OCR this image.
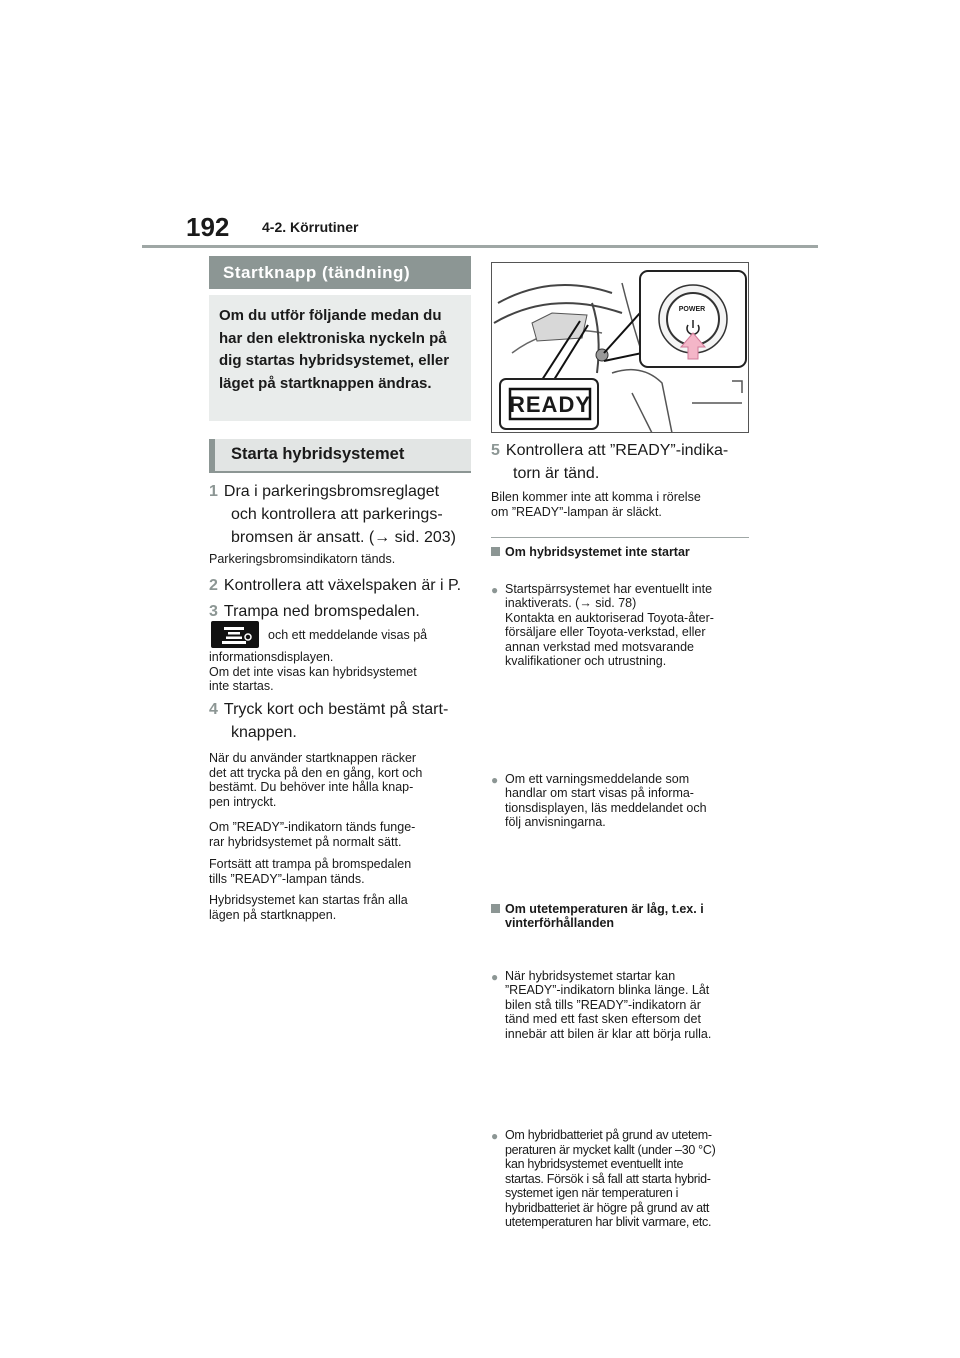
192 4-2. Körrutiner
Startknapp (tändning)
Om du utför följande medan du har den elektroniska nyckeln på dig startas hybridsystemet, eller läget på startknappen ändras.
Starta hybridsystemet
1 Dra i parkeringsbromsreglaget
och kontrollera att parkerings-
bromsen är ansatt. (→ sid. 203)
Parkeringsbromsindikatorn tänds.
2 Kontrollera att växelspaken är i P.
3 Trampa ned bromspedalen.
och ett meddelande visas på
informationsdisplayen.
Om det inte visas kan hybridsystemet
inte startas.
4 Tryck kort och bestämt på start-
knappen.
När du använder startknappen räcker
det att trycka på den en gång, kort och
bestämt. Du behöver inte hålla knap-
pen intryckt.
Om ”READY”-indikatorn tänds funge-
rar hybridsystemet på normalt sätt.
Fortsätt att trampa på bromspedalen
tills ”READY”-lampan tänds.
Hybridsystemet kan startas från alla
lägen på startknappen.
READY
POWER
5 Kontrollera att ”READY”-indika-
torn är tänd.
Bilen kommer inte att komma i rörelse
om ”READY”-lampan är släckt.
Om hybridsystemet inte startar
● Startspärrsystemet har eventuellt inte
inaktiverats. (→ sid. 78)
Kontakta en auktoriserad Toyota-åter-
försäljare eller Toyota-verkstad, eller
annan verkstad med motsvarande
kvalifikationer och utrustning.
● Om ett varningsmeddelande som
handlar om start visas på informa-
tionsdisplayen, läs meddelandet och
följ anvisningarna.
Om utetemperaturen är låg, t.ex. i
vinterförhållanden
● När hybridsystemet startar kan
”READY”-indikatorn blinka länge. Låt
bilen stå tills ”READY”-indikatorn är
tänd med ett fast sken eftersom det
innebär att bilen är klar att börja rulla.
● Om hybridbatteriet på grund av utetem-
peraturen är mycket kallt (under –30 °C)
kan hybridsystemet eventuellt inte
startas. Försök i så fall att starta hybrid-
systemet igen när temperaturen i
hybridbatteriet är högre på grund av att
utetemperaturen har blivit varmare, etc.
